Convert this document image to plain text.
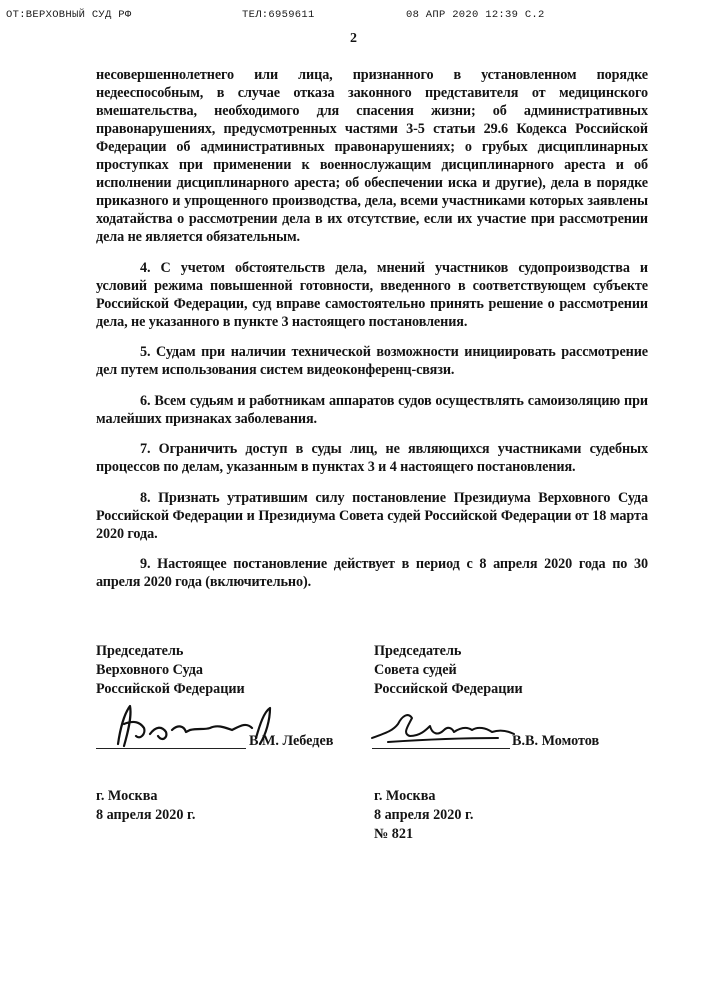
ОТ:ВЕРХОВНЫЙ СУД РФ	ТЕЛ:6959611	08 АПР 2020 12:39 С.2
2

несовершеннолетнего или лица, признанного в установленном порядке недееспособным, в случае отказа законного представителя от медицинского вмешательства, необходимого для спасения жизни; об административных правонарушениях, предусмотренных частями 3-5 статьи 29.6 Кодекса Российской Федерации об административных правонарушениях; о грубых дисциплинарных проступках при применении к военнослужащим дисциплинарного ареста и об исполнении дисциплинарного ареста; об обеспечении иска и другие), дела в порядке приказного и упрощенного производства, дела, всеми участниками которых заявлены ходатайства о рассмотрении дела в их отсутствие, если их участие при рассмотрении дела не является обязательным.

4. С учетом обстоятельств дела, мнений участников судопроизводства и условий режима повышенной готовности, введенного в соответствующем субъекте Российской Федерации, суд вправе самостоятельно принять решение о рассмотрении дела, не указанного в пункте 3 настоящего постановления.

5. Судам при наличии технической возможности инициировать рассмотрение дел путем использования систем видеоконференц-связи.

6. Всем судьям и работникам аппаратов судов осуществлять самоизоляцию при малейших признаках заболевания.

7. Ограничить доступ в суды лиц, не являющихся участниками судебных процессов по делам, указанным в пунктах 3 и 4 настоящего постановления.

8. Признать утратившим силу постановление Президиума Верховного Суда Российской Федерации и Президиума Совета судей Российской Федерации от 18 марта 2020 года.

9. Настоящее постановление действует в период с 8 апреля 2020 года по 30 апреля 2020 года (включительно).

Председатель
Верховного Суда
Российской Федерации
Председатель
Совета судей
Российской Федерации
В.М. Лебедев	В.В. Момотов
г. Москва
8 апреля 2020 г.
г. Москва
8 апреля 2020 г.
№ 821
